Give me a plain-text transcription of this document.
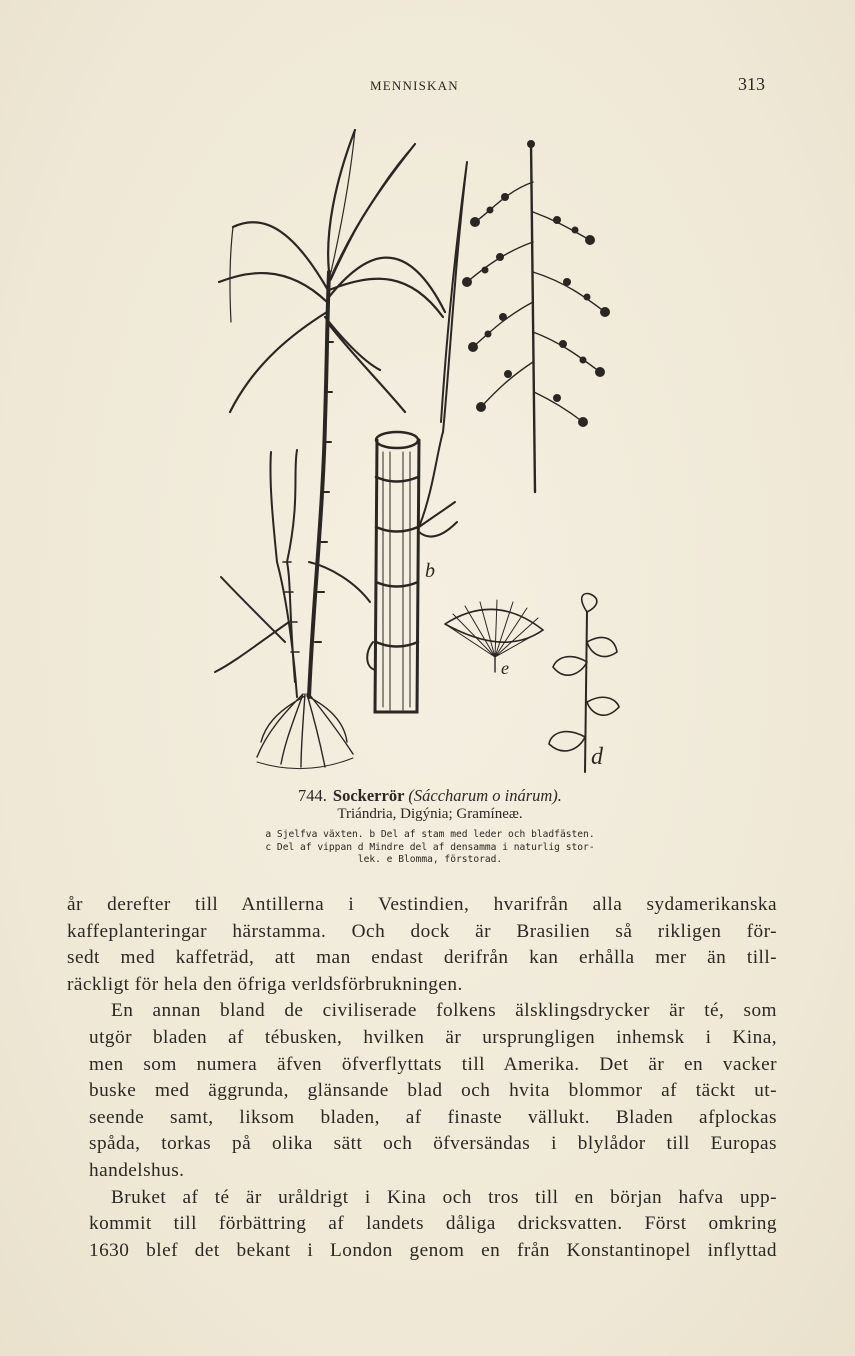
MENNISKAN	313
b
e
d
744. Sockerrör (Sáccharum o inárum).
Triándria, Digýnia; Gramíneæ.
a Sjelfva växten. b Del af stam med leder och bladfästen.
c Del af vippan d Mindre del af densamma i naturlig stor-
lek. e Blomma, förstorad.

år derefter till Antillerna i Vestindien, hvarifrån alla sydamerikanska
kaffeplanteringar härstamma. Och dock är Brasilien så rikligen för-
sedt med kaffeträd, att man endast derifrån kan erhålla mer än till-
räckligt för hela den öfriga verldsförbrukningen.

En annan bland de civiliserade folkens älsklingsdrycker är té, som
utgör bladen af tébusken, hvilken är ursprungligen inhemsk i Kina,
men som numera äfven öfverflyttats till Amerika. Det är en vacker
buske med äggrunda, glänsande blad och hvita blommor af täckt ut-
seende samt, liksom bladen, af finaste vällukt. Bladen afplockas
spåda, torkas på olika sätt och öfversändas i blylådor till Europas
handelshus.

Bruket af té är uråldrigt i Kina och tros till en början hafva upp-
kommit till förbättring af landets dåliga dricksvatten. Först omkring
1630 blef det bekant i London genom en från Konstantinopel inflyttad
